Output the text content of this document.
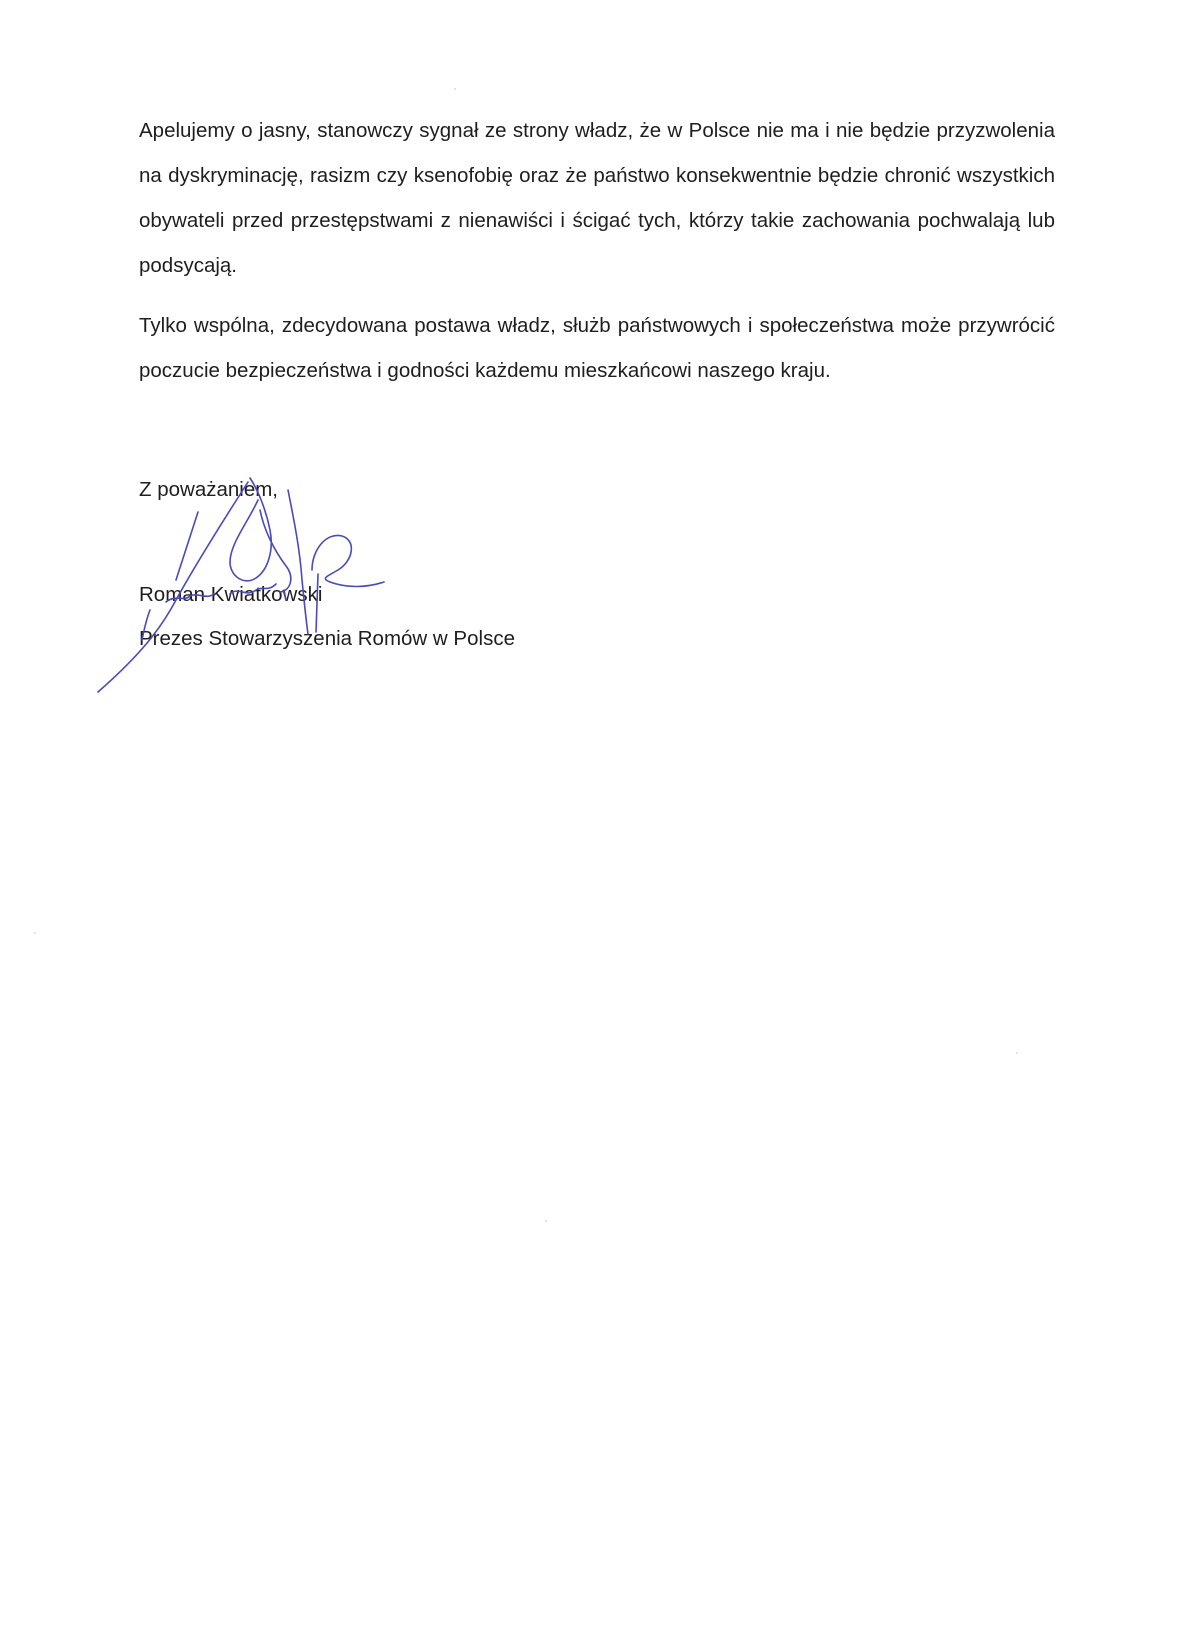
Apelujemy o jasny, stanowczy sygnał ze strony władz, że w Polsce nie ma i nie będzie przyzwolenia na dyskryminację, rasizm czy ksenofobię oraz że państwo konsekwentnie będzie chronić wszystkich obywateli przed przestępstwami z nienawiści i ścigać tych, którzy takie zachowania pochwalają lub podsycają.

Tylko wspólna, zdecydowana postawa władz, służb państwowych i społeczeństwa może przywrócić poczucie bezpieczeństwa i godności każdemu mieszkańcowi naszego kraju.

Z poważaniem,

Roman Kwiatkowski

Prezes Stowarzyszenia Romów w Polsce
